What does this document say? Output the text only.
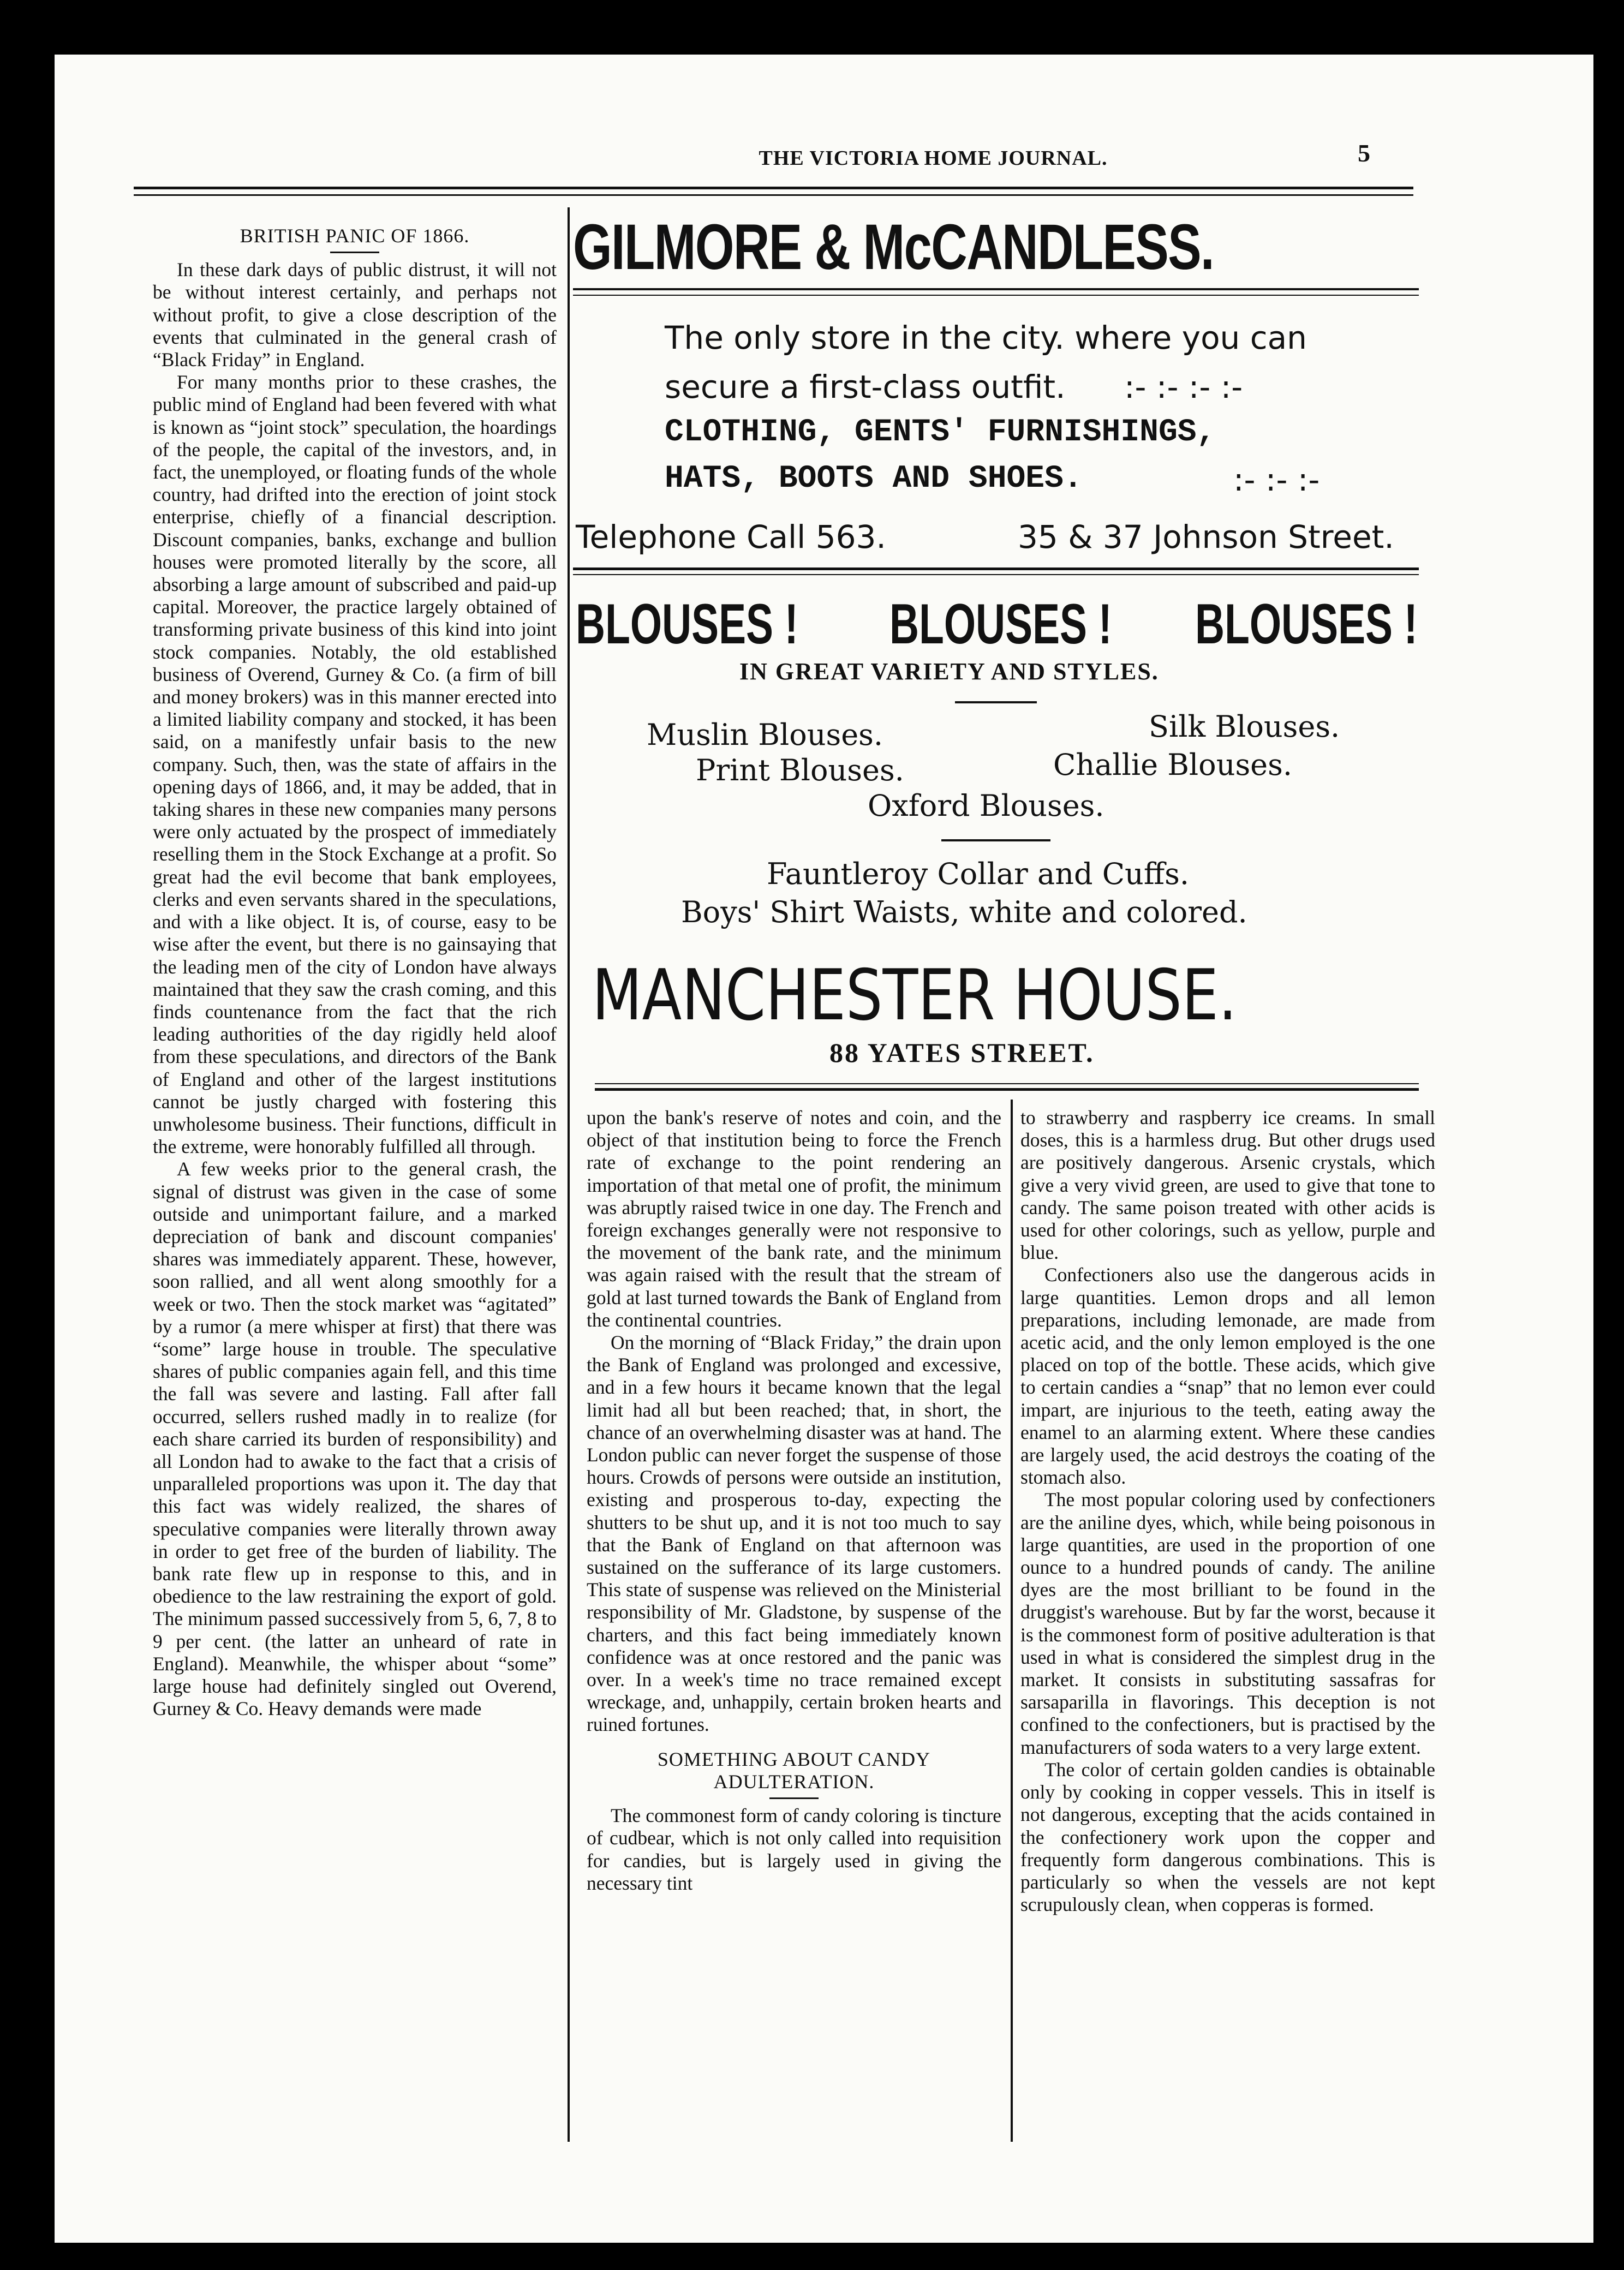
THE VICTORIA HOME JOURNAL.	5
BRITISH PANIC OF 1866.

In these dark days of public distrust, it will not be without interest certainly, and perhaps not without profit, to give a close description of the events that culminated in the general crash of “Black Friday” in England.

For many months prior to these crashes, the public mind of England had been fevered with what is known as “joint stock” speculation, the hoardings of the people, the capital of the investors, and, in fact, the unemployed, or floating funds of the whole country, had drifted into the erection of joint stock enterprise, chiefly of a financial description. Discount companies, banks, exchange and bullion houses were promoted literally by the score, all absorbing a large amount of subscribed and paid-up capital. Moreover, the practice largely obtained of transforming private business of this kind into joint stock companies. Notably, the old established business of Overend, Gurney & Co. (a firm of bill and money brokers) was in this manner erected into a limited liability company and stocked, it has been said, on a manifestly unfair basis to the new company. Such, then, was the state of affairs in the opening days of 1866, and, it may be added, that in taking shares in these new companies many persons were only actuated by the prospect of immediately reselling them in the Stock Exchange at a profit. So great had the evil become that bank employees, clerks and even servants shared in the speculations, and with a like object. It is, of course, easy to be wise after the event, but there is no gainsaying that the leading men of the city of London have always maintained that they saw the crash coming, and this finds countenance from the fact that the rich leading authorities of the day rigidly held aloof from these speculations, and directors of the Bank of England and other of the largest institutions cannot be justly charged with fostering this unwholesome business. Their functions, difficult in the extreme, were honorably fulfilled all through.

A few weeks prior to the general crash, the signal of distrust was given in the case of some outside and unimportant failure, and a marked depreciation of bank and discount companies' shares was immediately apparent. These, however, soon rallied, and all went along smoothly for a week or two. Then the stock market was “agitated” by a rumor (a mere whisper at first) that there was “some” large house in trouble. The speculative shares of public companies again fell, and this time the fall was severe and lasting. Fall after fall occurred, sellers rushed madly in to realize (for each share carried its burden of responsibility) and all London had to awake to the fact that a crisis of unparalleled proportions was upon it. The day that this fact was widely realized, the shares of speculative companies were literally thrown away in order to get free of the burden of liability. The bank rate flew up in response to this, and in obedience to the law restraining the export of gold. The minimum passed successively from 5, 6, 7, 8 to 9 per cent. (the latter an unheard of rate in England). Meanwhile, the whisper about “some” large house had definitely singled out Overend, Gurney & Co. Heavy demands were made

GILMORE & McCANDLESS.
The only store in the city. where you can
secure a first-class outfit. :- :- :- :-
CLOTHING, GENTS' FURNISHINGS,
HATS, BOOTS AND SHOES.	:- :- :-
Telephone Call 563.	35 & 37 Johnson Street.
BLOUSES ! BLOUSES ! BLOUSES !
IN GREAT VARIETY AND STYLES.
Muslin Blouses.	Silk Blouses.
Print Blouses.	Challie Blouses.
Oxford Blouses.
Fauntleroy Collar and Cuffs.
Boys' Shirt Waists, white and colored.
MANCHESTER HOUSE.
88 YATES STREET.

upon the bank's reserve of notes and coin, and the object of that institution being to force the French rate of exchange to the point rendering an importation of that metal one of profit, the minimum was abruptly raised twice in one day. The French and foreign exchanges generally were not responsive to the movement of the bank rate, and the minimum was again raised with the result that the stream of gold at last turned towards the Bank of England from the continental countries.

On the morning of “Black Friday,” the drain upon the Bank of England was prolonged and excessive, and in a few hours it became known that the legal limit had all but been reached; that, in short, the chance of an overwhelming disaster was at hand. The London public can never forget the suspense of those hours. Crowds of persons were outside an institution, existing and prosperous to-day, expecting the shutters to be shut up, and it is not too much to say that the Bank of England on that afternoon was sustained on the sufferance of its large customers. This state of suspense was relieved on the Ministerial responsibility of Mr. Gladstone, by suspense of the charters, and this fact being immediately known confidence was at once restored and the panic was over. In a week's time no trace remained except wreckage, and, unhappily, certain broken hearts and ruined fortunes.

SOMETHING ABOUT CANDY ADULTERATION.

The commonest form of candy coloring is tincture of cudbear, which is not only called into requisition for candies, but is largely used in giving the necessary tint

to strawberry and raspberry ice creams. In small doses, this is a harmless drug. But other drugs used are positively dangerous. Arsenic crystals, which give a very vivid green, are used to give that tone to candy. The same poison treated with other acids is used for other colorings, such as yellow, purple and blue.

Confectioners also use the dangerous acids in large quantities. Lemon drops and all lemon preparations, including lemonade, are made from acetic acid, and the only lemon employed is the one placed on top of the bottle. These acids, which give to certain candies a “snap” that no lemon ever could impart, are injurious to the teeth, eating away the enamel to an alarming extent. Where these candies are largely used, the acid destroys the coating of the stomach also.

The most popular coloring used by confectioners are the aniline dyes, which, while being poisonous in large quantities, are used in the proportion of one ounce to a hundred pounds of candy. The aniline dyes are the most brilliant to be found in the druggist's warehouse. But by far the worst, because it is the commonest form of positive adulteration is that used in what is considered the simplest drug in the market. It consists in substituting sassafras for sarsaparilla in flavorings. This deception is not confined to the confectioners, but is practised by the manufacturers of soda waters to a very large extent.

The color of certain golden candies is obtainable only by cooking in copper vessels. This in itself is not dangerous, excepting that the acids contained in the confectionery work upon the copper and frequently form dangerous combinations. This is particularly so when the vessels are not kept scrupulously clean, when copperas is formed.
